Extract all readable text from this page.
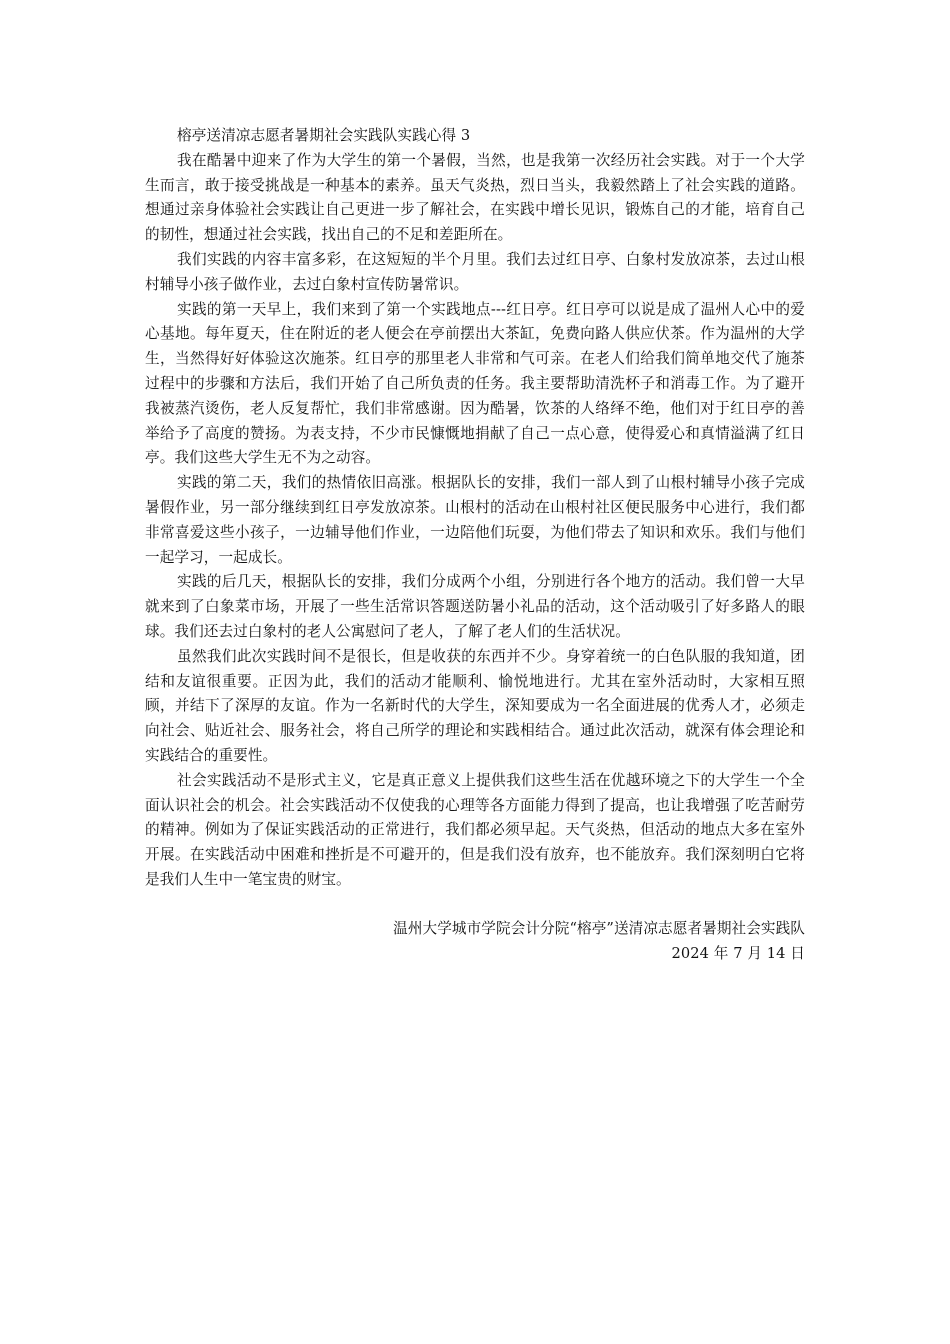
榕亭送清凉志愿者暑期社会实践队实践心得 3

我在酷暑中迎来了作为大学生的第一个暑假，当然，也是我第一次经历社会实践。对于一个大学生而言，敢于接受挑战是一种基本的素养。虽天气炎热，烈日当头，我毅然踏上了社会实践的道路。想通过亲身体验社会实践让自己更进一步了解社会，在实践中增长见识，锻炼自己的才能，培育自己的韧性，想通过社会实践，找出自己的不足和差距所在。

我们实践的内容丰富多彩，在这短短的半个月里。我们去过红日亭、白象村发放凉茶，去过山根村辅导小孩子做作业，去过白象村宣传防暑常识。

实践的第一天早上，我们来到了第一个实践地点---红日亭。红日亭可以说是成了温州人心中的爱心基地。每年夏天，住在附近的老人便会在亭前摆出大茶缸，免费向路人供应伏茶。作为温州的大学生，当然得好好体验这次施茶。红日亭的那里老人非常和气可亲。在老人们给我们简单地交代了施茶过程中的步骤和方法后，我们开始了自己所负责的任务。我主要帮助清洗杯子和消毒工作。为了避开我被蒸汽烫伤，老人反复帮忙，我们非常感谢。因为酷暑，饮茶的人络绎不绝，他们对于红日亭的善举给予了高度的赞扬。为表支持，不少市民慷慨地捐献了自己一点心意，使得爱心和真情溢满了红日亭。我们这些大学生无不为之动容。

实践的第二天，我们的热情依旧高涨。根据队长的安排，我们一部人到了山根村辅导小孩子完成暑假作业，另一部分继续到红日亭发放凉茶。山根村的活动在山根村社区便民服务中心进行，我们都非常喜爱这些小孩子，一边辅导他们作业，一边陪他们玩耍，为他们带去了知识和欢乐。我们与他们一起学习，一起成长。

实践的后几天，根据队长的安排，我们分成两个小组，分别进行各个地方的活动。我们曾一大早就来到了白象菜市场，开展了一些生活常识答题送防暑小礼品的活动，这个活动吸引了好多路人的眼球。我们还去过白象村的老人公寓慰问了老人，了解了老人们的生活状况。

虽然我们此次实践时间不是很长，但是收获的东西并不少。身穿着统一的白色队服的我知道，团结和友谊很重要。正因为此，我们的活动才能顺利、愉悦地进行。尤其在室外活动时，大家相互照顾，并结下了深厚的友谊。作为一名新时代的大学生，深知要成为一名全面进展的优秀人才，必须走向社会、贴近社会、服务社会，将自己所学的理论和实践相结合。通过此次活动，就深有体会理论和实践结合的重要性。

社会实践活动不是形式主义，它是真正意义上提供我们这些生活在优越环境之下的大学生一个全面认识社会的机会。社会实践活动不仅使我的心理等各方面能力得到了提高，也让我增强了吃苦耐劳的精神。例如为了保证实践活动的正常进行，我们都必须早起。天气炎热，但活动的地点大多在室外开展。在实践活动中困难和挫折是不可避开的，但是我们没有放弃，也不能放弃。我们深刻明白它将是我们人生中一笔宝贵的财宝。

温州大学城市学院会计分院“榕亭”送清凉志愿者暑期社会实践队
2024 年 7 月 14 日
